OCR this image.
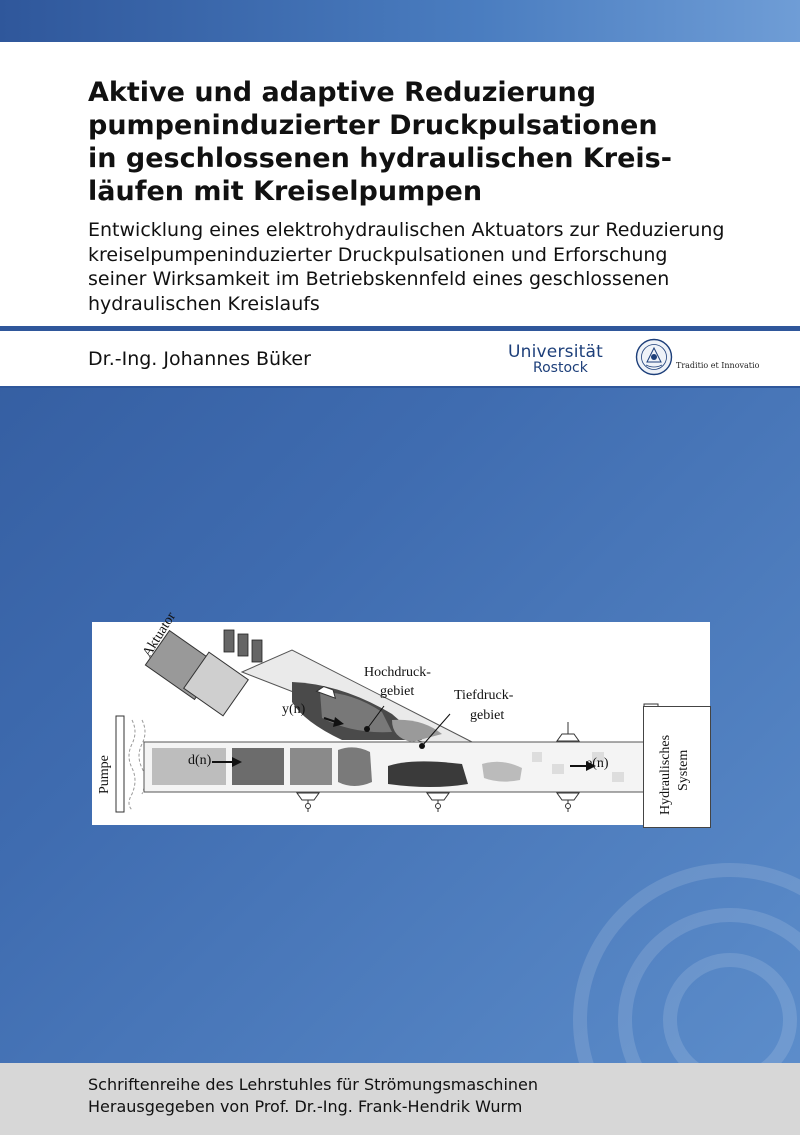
Aktive und adaptive Reduzierung
pumpeninduzierter Druckpulsationen
in geschlossenen hydraulischen Kreis-
läufen mit Kreiselpumpen

Entwicklung eines elektrohydraulischen Aktuators zur Reduzierung
kreiselpumpeninduzierter Druckpulsationen und Erforschung
seiner Wirksamkeit im Betriebskennfeld eines geschlossenen
hydraulischen Kreislaufs

Dr.-Ing. Johannes Büker	Universität
Rostock	Traditio et Innovatio
Aktuator
Hochdruck-
gebiet	Tiefdruck-
gebiet
y(n)
d(n)	e(n)
Pumpe	Hydraulisches System
Schriftenreihe des Lehrstuhles für Strömungsmaschinen
Herausgegeben von Prof. Dr.-Ing. Frank-Hendrik Wurm
